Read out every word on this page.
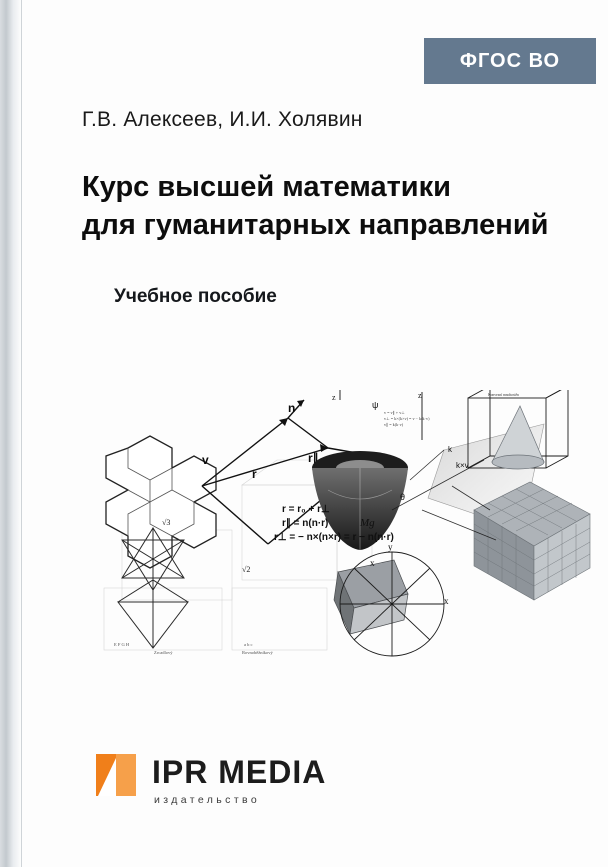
ФГОС ВО
Г.В. Алексеев, И.И. Холявин
Курс высшей математики
для гуманитарных направлений
Учебное пособие
√3
√2
E F G H
Zrcadlový
a b c
Rovnoběžníkový
n
v
r
r∥
θ
ψ
z	z
r = r₀ + r⊥
r∥ = n(n·r)
r⊥ = − n×(n×r) = r − n(n·r)
Mg
v = v∥ + v⊥
v⊥ = k×(k×v) = v − k(k·v)
v∥ = k(k·v)
Konvexní mnohostěn
y
x
x
k
k×v
IPR MEDIA
издательство
